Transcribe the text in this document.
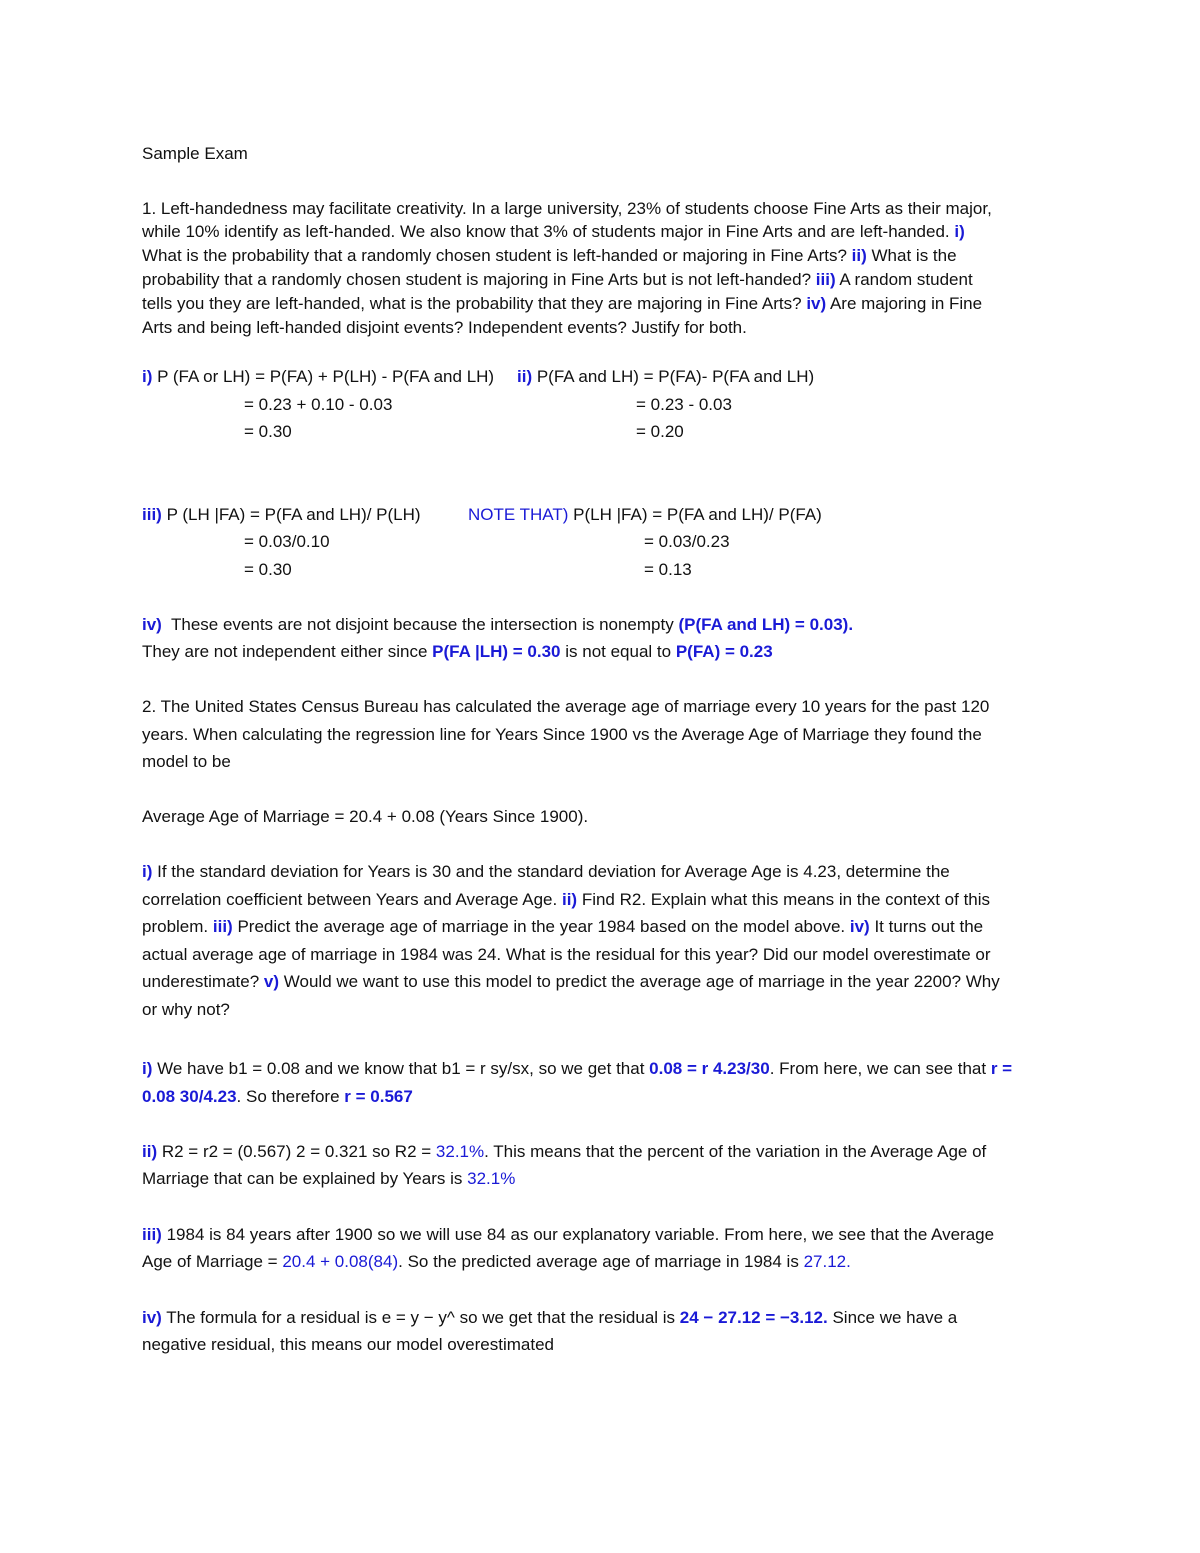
Sample Exam
1. Left-handedness may facilitate creativity. In a large university, 23% of students choose Fine Arts as their major,
while 10% identify as left-handed. We also know that 3% of students major in Fine Arts and are left-handed. i)
What is the probability that a randomly chosen student is left-handed or majoring in Fine Arts? ii) What is the
probability that a randomly chosen student is majoring in Fine Arts but is not left-handed? iii) A random student
tells you they are left-handed, what is the probability that they are majoring in Fine Arts? iv) Are majoring in Fine
Arts and being left-handed disjoint events? Independent events? Justify for both.
i) P (FA or LH) = P(FA) + P(LH) - P(FA and LH) ii) P(FA and LH) = P(FA)- P(FA and LH)
= 0.23 + 0.10 - 0.03	= 0.23 - 0.03
= 0.30	= 0.20
iii) P (LH |FA) = P(FA and LH)/ P(LH)	NOTE THAT) P(LH |FA) = P(FA and LH)/ P(FA)
= 0.03/0.10	= 0.03/0.23
= 0.30	= 0.13
iv) These events are not disjoint because the intersection is nonempty (P(FA and LH) = 0.03).
They are not independent either since P(FA |LH) = 0.30 is not equal to P(FA) = 0.23
2. The United States Census Bureau has calculated the average age of marriage every 10 years for the past 120
years. When calculating the regression line for Years Since 1900 vs the Average Age of Marriage they found the
model to be
Average Age of Marriage = 20.4 + 0.08 (Years Since 1900).
i) If the standard deviation for Years is 30 and the standard deviation for Average Age is 4.23, determine the
correlation coefficient between Years and Average Age. ii) Find R2. Explain what this means in the context of this
problem. iii) Predict the average age of marriage in the year 1984 based on the model above. iv) It turns out the
actual average age of marriage in 1984 was 24. What is the residual for this year? Did our model overestimate or
underestimate? v) Would we want to use this model to predict the average age of marriage in the year 2200? Why
or why not?
i) We have b1 = 0.08 and we know that b1 = r sy/sx, so we get that 0.08 = r 4.23/30. From here, we can see that r =
0.08 30/4.23. So therefore r = 0.567
ii) R2 = r2 = (0.567) 2 = 0.321 so R2 = 32.1%. This means that the percent of the variation in the Average Age of
Marriage that can be explained by Years is 32.1%
iii) 1984 is 84 years after 1900 so we will use 84 as our explanatory variable. From here, we see that the Average
Age of Marriage = 20.4 + 0.08(84). So the predicted average age of marriage in 1984 is 27.12.
iv) The formula for a residual is e = y − y^ so we get that the residual is 24 − 27.12 = −3.12. Since we have a
negative residual, this means our model overestimated
